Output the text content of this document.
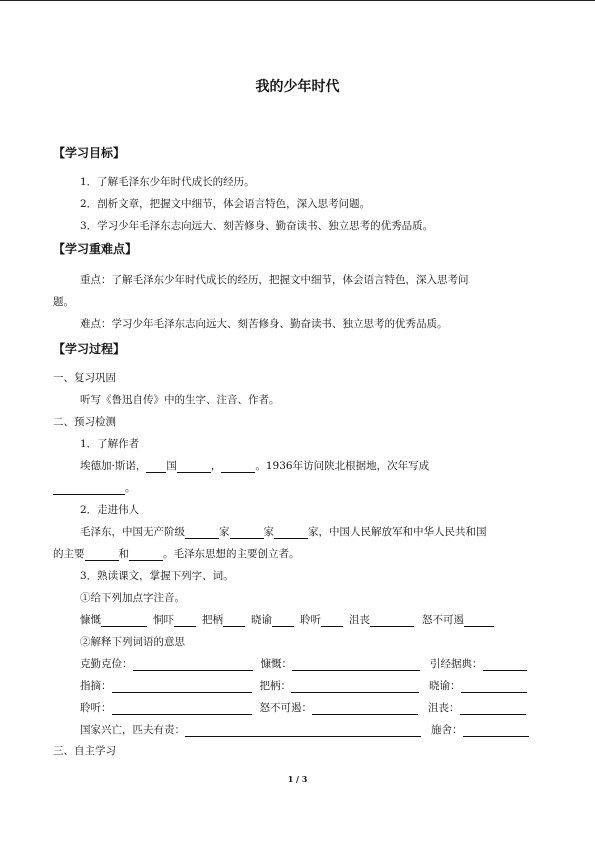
我的少年时代
【学习目标】
1．了解毛泽东少年时代成长的经历。
2．剖析文章，把握文中细节，体会语言特色，深入思考问题。
3．学习少年毛泽东志向远大、刻苦修身、勤奋读书、独立思考的优秀品质。
【学习重难点】
重点：了解毛泽东少年时代成长的经历，把握文中细节，体会语言特色，深入思考问
题。
难点：学习少年毛泽东志向远大、刻苦修身、勤奋读书、独立思考的优秀品质。
【学习过程】
一、复习巩固
听写《鲁迅自传》中的生字、注音、作者。
二、预习检测
1．了解作者
埃德加·斯诺， 国	，	。1936年访问陕北根据地，次年写成
。
2．走进伟人
毛泽东，中国无产阶级	家	家	家，中国人民解放军和中华人民共和国
的主要	和	。毛泽东思想的主要创立者。
3．熟读课文，掌握下列字、词。
①给下列加点字注音。
慷慨	恫吓	把柄	晓谕	聆听	沮丧	怒不可遏
②解释下列词语的意思
克勤克俭：	慷慨：	引经据典：
指摘：	把柄：	晓谕：
聆听：	怒不可遏：	沮丧：
国家兴亡，匹夫有责：	施舍：
三、自主学习
1 / 3
